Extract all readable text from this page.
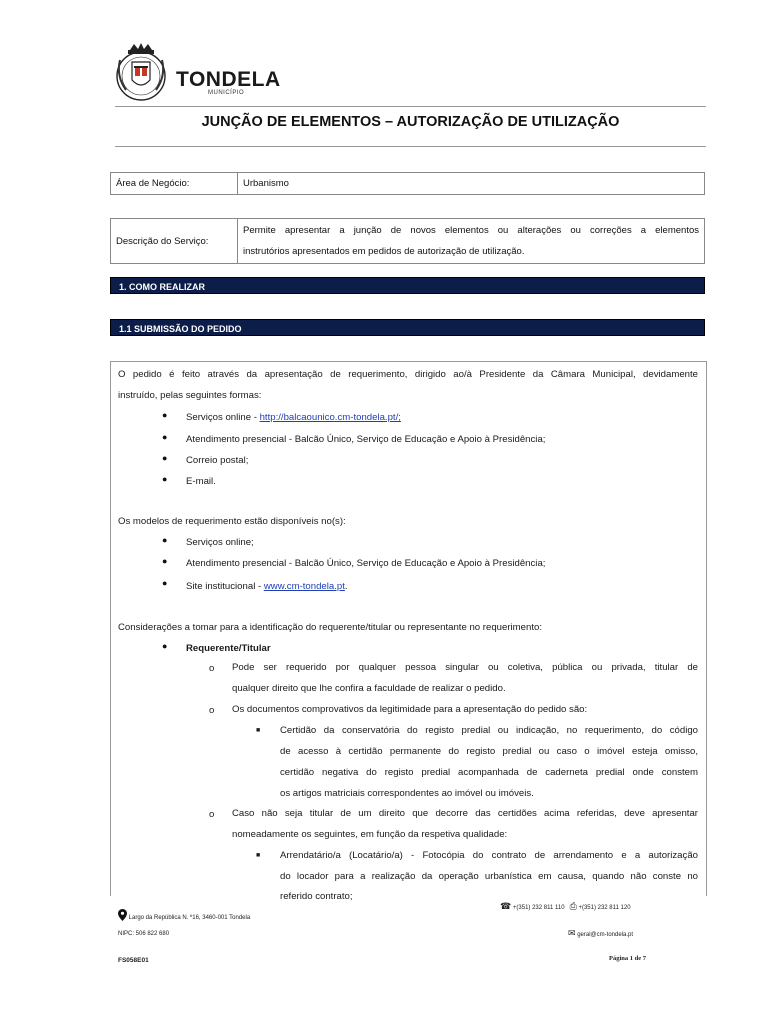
TONDELA
MUNICÍPIO
JUNÇÃO DE ELEMENTOS – AUTORIZAÇÃO DE UTILIZAÇÃO
Área de Negócio:	Urbanismo
Descrição do Serviço:	
Permite apresentar a junção de novos elementos ou alterações ou correções a elementos
instrutórios apresentados em pedidos de autorização de utilização.
1. COMO REALIZAR
1.1 SUBMISSÃO DO PEDIDO
O pedido é feito através da apresentação de requerimento, dirigido ao/à Presidente da Câmara Municipal, devidamente
instruído, pelas seguintes formas:
● Serviços online - http://balcaounico.cm-tondela.pt/;
● Atendimento presencial - Balcão Único, Serviço de Educação e Apoio à Presidência;
● Correio postal;
● E-mail.
Os modelos de requerimento estão disponíveis no(s):
● Serviços online;
● Atendimento presencial - Balcão Único, Serviço de Educação e Apoio à Presidência;
● Site institucional - www.cm-tondela.pt.
Considerações a tomar para a identificação do requerente/titular ou representante no requerimento:
● Requerente/Titular
o Pode ser requerido por qualquer pessoa singular ou coletiva, pública ou privada, titular de
qualquer direito que lhe confira a faculdade de realizar o pedido.
o Os documentos comprovativos da legitimidade para a apresentação do pedido são:
■ Certidão da conservatória do registo predial ou indicação, no requerimento, do código
de acesso à certidão permanente do registo predial ou caso o imóvel esteja omisso,
certidão negativa do registo predial acompanhada de caderneta predial onde constem
os artigos matriciais correspondentes ao imóvel ou imóveis.
o Caso não seja titular de um direito que decorre das certidões acima referidas, deve apresentar
nomeadamente os seguintes, em função da respetiva qualidade:
■ Arrendatário/a (Locatário/a) - Fotocópia do contrato de arrendamento e a autorização
do locador para a realização da operação urbanística em causa, quando não conste no
referido contrato;
☎ +(351) 232 811 110 ⎙ +(351) 232 811 120
Largo da República N. º16, 3460-001 Tondela
NIPC: 506 822 680	✉ geral@cm-tondela.pt
FS058E01	Página 1 de 7
